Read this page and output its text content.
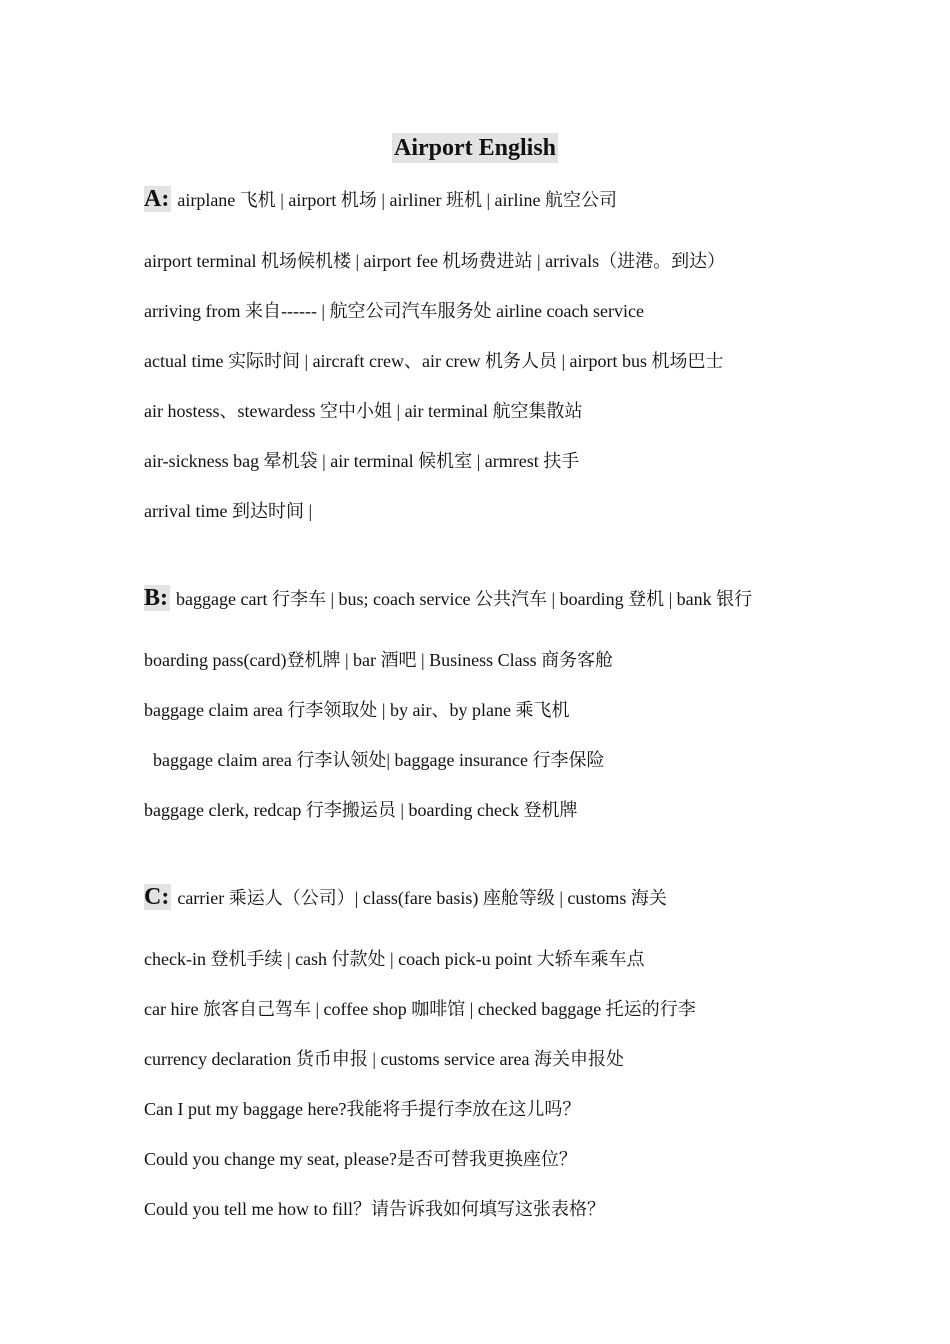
Airport English
A: airplane 飞机 | airport 机场 | airliner 班机 | airline 航空公司
airport terminal 机场候机楼 | airport fee 机场费进站 | arrivals（进港。到达）
arriving from 来自------ | 航空公司汽车服务处 airline coach service
actual time 实际时间 | aircraft crew、air crew 机务人员 | airport bus 机场巴士
air hostess、stewardess 空中小姐 | air terminal 航空集散站
air-sickness bag 晕机袋 | air terminal 候机室 | armrest 扶手
arrival time 到达时间 |
B: baggage cart 行李车 | bus; coach service 公共汽车 | boarding 登机 | bank 银行
boarding pass(card)登机牌 | bar 酒吧 | Business Class 商务客舱
baggage claim area 行李领取处 | by air、by plane 乘飞机
baggage claim area 行李认领处| baggage insurance 行李保险
baggage clerk, redcap 行李搬运员 | boarding check 登机牌
C: carrier 乘运人（公司）| class(fare basis) 座舱等级 | customs 海关
check-in 登机手续 | cash 付款处 | coach pick-u point 大轿车乘车点
car hire 旅客自己驾车 | coffee shop 咖啡馆 | checked baggage 托运的行李
currency declaration 货币申报 | customs service area 海关申报处
Can I put my baggage here?我能将手提行李放在这儿吗？
Could you change my seat, please?是否可替我更换座位？
Could you tell me how to fill？请告诉我如何填写这张表格？
